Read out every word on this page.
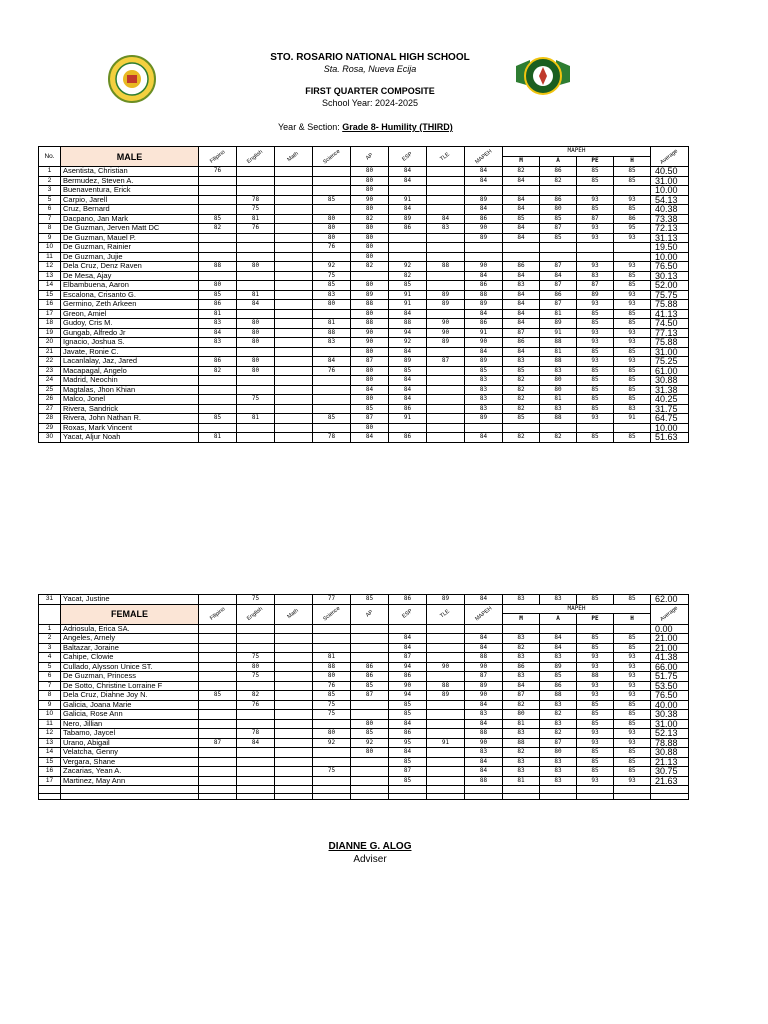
STO. ROSARIO NATIONAL HIGH SCHOOL
Sta. Rosa, Nueva Ecija
FIRST QUARTER COMPOSITE
School Year: 2024-2025
Year & Section: Grade 8- Humility (THIRD)
No.	MALE	Filipino	English	Math	Science	AP	ESP	TLE	MAPEH	MAPEH				Average
										M	A	PE	H	
1	Asentista, Christian	76				80	84		84	82	86	85	85	40.50
2	Bermudez, Steven A.					80	84		84	84	82	85	85	31.00
3	Buenaventura, Erick					80								10.00
5	Carpio, Jarell		78		85	90	91		89	84	86	93	93	54.13
6	Cruz, Bernard		75			80	84		84	84	80	85	85	40.38
7	Dacpano, Jan Mark	85	81		80	82	89	84	86	85	85	87	86	73.38
8	De Guzman, Jerven Matt DC	82	76		80	80	86	83	90	84	87	93	95	72.13
9	De Guzman, Mauel P.				80	80			89	84	85	93	93	31.13
10	De Guzman, Rainier				76	80								19.50
11	De Guzman, Jujie					80								10.00
12	Dela Cruz, Denz Raven	88	80		92	82	92	88	90	86	87	93	93	76.50
13	De Mesa, Ajay				75		82		84	84	84	83	85	30.13
14	Elbambuena, Aaron	80			85	80	85		86	83	87	87	85	52.00
15	Escalona, Crisanto G.	85	81		83	89	91	89	88	84	86	89	93	75.75
16	Germino, Zeth Arkeen	86	84		80	88	91	89	89	84	87	93	93	75.88
17	Greon, Amiel	81				80	84		84	84	81	85	85	41.13
18	Gudoy, Cris M.	83	80		81	88	88	90	86	84	89	85	85	74.50
19	Gungab, Alfredo Jr	84	80		88	90	94	90	91	87	91	93	93	77.13
20	Ignacio, Joshua S.	83	80		83	90	92	89	90	86	88	93	93	75.88
21	Javate, Ronie C.					80	84		84	84	81	85	85	31.00
22	Lacanlalay, Jaz, Jared	86	80		84	87	89	87	89	83	88	93	93	75.25
23	Macapagal, Angelo	82	80		76	80	85		85	85	83	85	85	61.00
24	Madrid, Neochin					80	84		83	82	80	85	85	30.88
25	Magtalas, Jhon Khian					84	84		83	82	80	85	85	31.38
26	Malco, Jonel		75			80	84		83	82	81	85	85	40.25
27	Rivera, Sandrick					85	86		83	82	83	85	83	31.75
28	Rivera, John Nathan R.	85	81		85	87	91		89	85	88	93	91	64.75
29	Roxas, Mark Vincent					80								10.00
30	Yacat, Aljur Noah	81			78	84	86		84	82	82	85	85	51.63
31	Yacat, Justine		75		77	85	86	89	84	83	83	85	85	62.00
	FEMALE	Filipino	English	Math	Science	AP	ESP	TLE	MAPEH	MAPEH				Average
										M	A	PE	H	
1	Adriosula, Erica SA.													0.00
2	Angeles, Arnely						84		84	83	84	85	85	21.00
3	Baltazar, Joraine						84		84	82	84	85	85	21.00
4	Cahipe, Clowie		75		81		87		88	83	83	93	93	41.38
5	Cullado, Alysson Unice ST.		80		88	86	94	90	90	86	89	93	93	66.00
6	De Guzman, Princess		75		80	86	86		87	83	85	88	93	51.75
7	De Sotto, Christine Lorraine F				76	85	90	88	89	84	86	93	93	53.50
8	Dela Cruz, Diahne Joy N.	85	82		85	87	94	89	90	87	88	93	93	76.50
9	Galicia, Joana Marie		76		75		85		84	82	83	85	85	40.00
10	Galicia, Rose Ann				75		85		83	80	82	85	85	30.38
11	Nero, Jillian					80	84		84	81	83	85	85	31.00
12	Tabamo, Jaycel		78		80	85	86		88	83	82	93	93	52.13
13	Urano, Abigail	87	84		92	92	95	91	90	88	87	93	93	78.88
14	Velatcha, Genny					80	84		83	82	80	85	85	30.88
15	Vergara, Shane						85		84	83	83	85	85	21.13
16	Zacarias, Yean A.				75		87		84	83	83	85	85	30.75
17	Martinez, May Ann						85		88	81	83	93	93	21.63

DIANNE G. ALOG
Adviser
